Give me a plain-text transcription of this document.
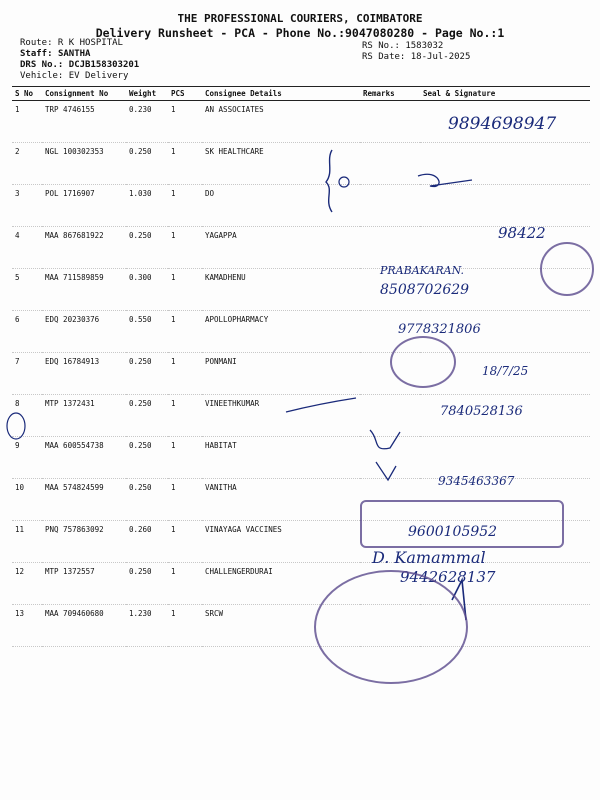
THE PROFESSIONAL COURIERS, COIMBATORE
Delivery Runsheet - PCA - Phone No.:9047080280 - Page No.:1
Route: R K HOSPITAL
Staff: SANTHA
DRS No.: DCJB158303201
Vehicle: EV Delivery
RS No.: 1583032
RS Date: 18-Jul-2025
S No	Consignment No	Weight	PCS	Consignee Details	Remarks	Seal & Signature
1	TRP 4746155	0.230	1	AN ASSOCIATES		
2	NGL 100302353	0.250	1	SK HEALTHCARE		
3	POL 1716907	1.030	1	DO		
4	MAA 867681922	0.250	1	YAGAPPA		
5	MAA 711589859	0.300	1	KAMADHENU		
6	EDQ 20230376	0.550	1	APOLLOPHARMACY		
7	EDQ 16784913	0.250	1	PONMANI		
8	MTP 1372431	0.250	1	VINEETHKUMAR		
9	MAA 600554738	0.250	1	HABITAT		
10	MAA 574824599	0.250	1	VANITHA		
11	PNQ 757863092	0.260	1	VINAYAGA VACCINES		
12	MTP 1372557	0.250	1	CHALLENGERDURAI		
13	MAA 709460680	1.230	1	SRCW		
9894698947
98422
PRABAKARAN.
8508702629
9778321806
18/7/25
7840528136
9345463367
9600105952
D. Kamammal
9442628137
